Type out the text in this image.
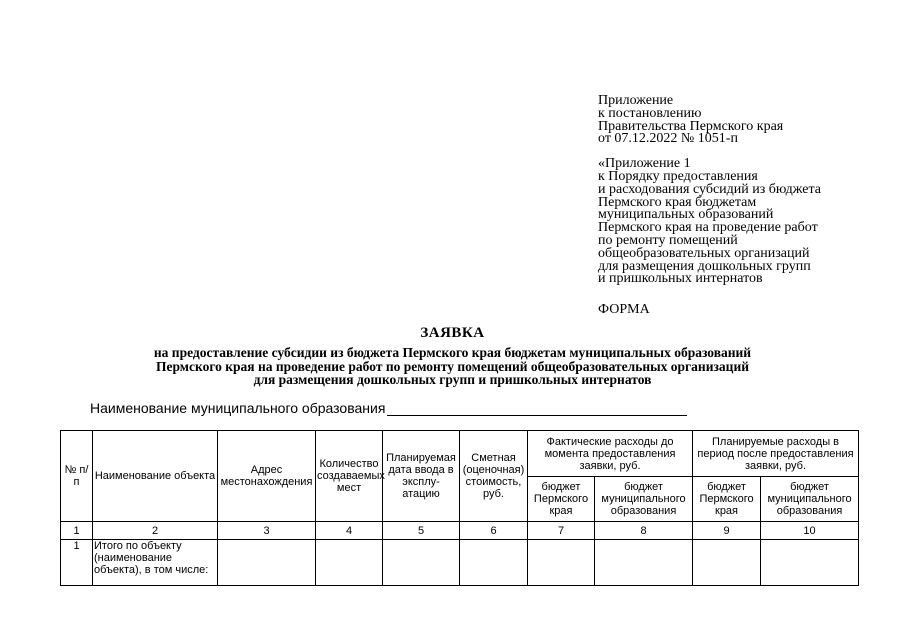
Приложение
к постановлению
Правительства Пермского края
от 07.12.2022 № 1051-п
«Приложение 1
к Порядку предоставления
и расходования субсидий из бюджета
Пермского края бюджетам
муниципальных образований
Пермского края на проведение работ
по ремонту помещений
общеобразовательных организаций
для размещения дошкольных групп
и пришкольных интернатов
ФОРМА
ЗАЯВКА
на предоставление субсидии из бюджета Пермского края бюджетам муниципальных образований
Пермского края на проведение работ по ремонту помещений общеобразовательных организаций
для размещения дошкольных групп и пришкольных интернатов
Наименование муниципального образования
№ п/п	Наименование объекта	Адрес местонахождения	Количество создаваемых мест	Планируемая дата ввода в эксплу-атацию	Сметная (оценочная) стоимость, руб.	Фактические расходы до момента предоставления заявки, руб.		Планируемые расходы в период после предоставления заявки, руб.	
						бюджет Пермского края	бюджет муниципального образования	бюджет Пермского края	бюджет муниципального образования
1	2	3	4	5	6	7	8	9	10
1	Итого по объекту (наименование объекта), в том числе:								
